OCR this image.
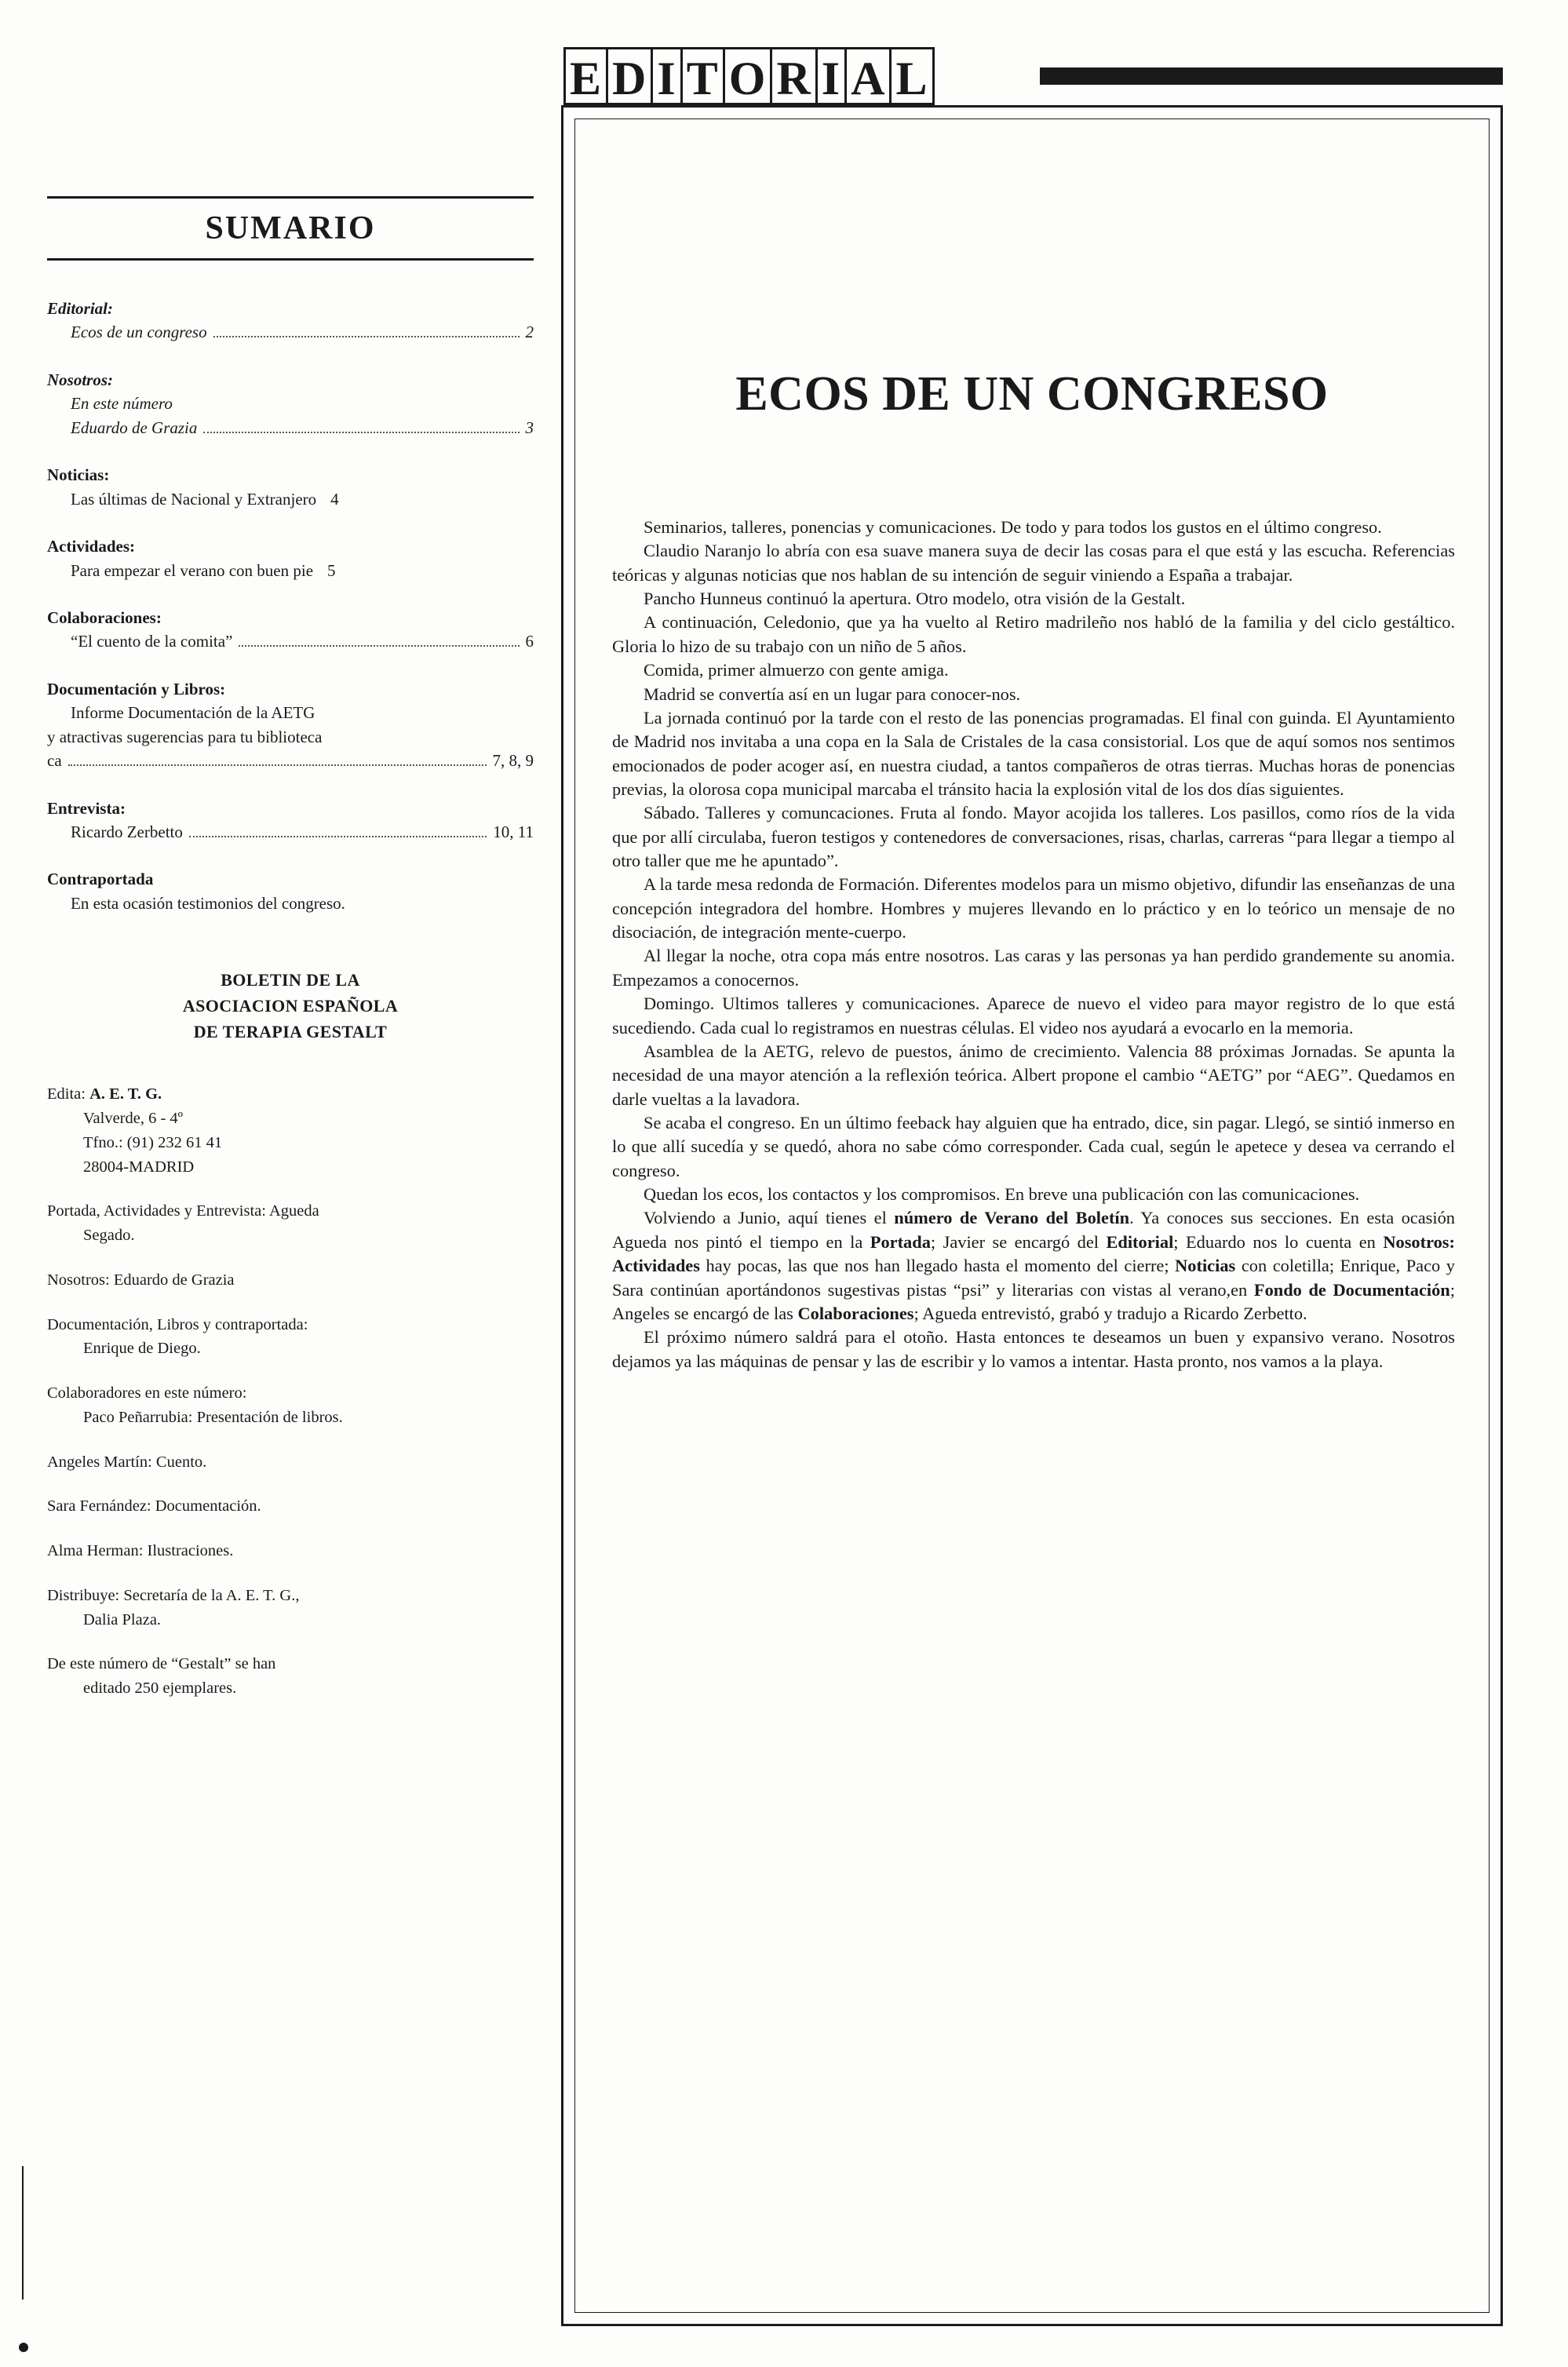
SUMARIO
Editorial:
Ecos de un congreso	2
Nosotros:
En este número
Eduardo de Grazia	3
Noticias:
Las últimas de Nacional y Extranjero 4
Actividades:
Para empezar el verano con buen pie 5
Colaboraciones:
“El cuento de la comita”	6
Documentación y Libros:
Informe Documentación de la AETG
y atractivas sugerencias para tu biblioteca
ca	7, 8, 9
Entrevista:
Ricardo Zerbetto	10, 11
Contraportada
En esta ocasión testimonios del congreso.
BOLETIN DE LA
ASOCIACION ESPAÑOLA
DE TERAPIA GESTALT

Edita: A. E. T. G.
Valverde, 6 - 4º
Tfno.: (91) 232 61 41
28004-MADRID

Portada, Actividades y Entrevista: Agueda
Segado.

Nosotros: Eduardo de Grazia

Documentación, Libros y contraportada:
Enrique de Diego.

Colaboradores en este número:
Paco Peñarrubia: Presentación de libros.

Angeles Martín: Cuento.

Sara Fernández: Documentación.

Alma Herman: Ilustraciones.

Distribuye: Secretaría de la A. E. T. G.,
Dalia Plaza.

De este número de “Gestalt” se han
editado 250 ejemplares.

E D I T O R I A L
ECOS DE UN CONGRESO

Seminarios, talleres, ponencias y comunicaciones. De todo y para todos los gustos en el último congreso.

Claudio Naranjo lo abría con esa suave manera suya de decir las cosas para el que está y las escucha. Referencias teóricas y algunas noticias que nos hablan de su intención de seguir viniendo a España a trabajar.

Pancho Hunneus continuó la apertura. Otro modelo, otra visión de la Gestalt.

A continuación, Celedonio, que ya ha vuelto al Retiro madrileño nos habló de la familia y del ciclo gestáltico. Gloria lo hizo de su trabajo con un niño de 5 años.

Comida, primer almuerzo con gente amiga.

Madrid se convertía así en un lugar para conocer-nos.

La jornada continuó por la tarde con el resto de las ponencias programadas. El final con guinda. El Ayuntamiento de Madrid nos invitaba a una copa en la Sala de Cristales de la casa consistorial. Los que de aquí somos nos sentimos emocionados de poder acoger así, en nuestra ciudad, a tantos compañeros de otras tierras. Muchas horas de ponencias previas, la olorosa copa municipal marcaba el tránsito hacia la explosión vital de los dos días siguientes.

Sábado. Talleres y comuncaciones. Fruta al fondo. Mayor acojida los talleres. Los pasillos, como ríos de la vida que por allí circulaba, fueron testigos y contenedores de conversaciones, risas, charlas, carreras “para llegar a tiempo al otro taller que me he apuntado”.

A la tarde mesa redonda de Formación. Diferentes modelos para un mismo objetivo, difundir las enseñanzas de una concepción integradora del hombre. Hombres y mujeres llevando en lo práctico y en lo teórico un mensaje de no disociación, de integración mente-cuerpo.

Al llegar la noche, otra copa más entre nosotros. Las caras y las personas ya han perdido grandemente su anomia. Empezamos a conocernos.

Domingo. Ultimos talleres y comunicaciones. Aparece de nuevo el video para mayor registro de lo que está sucediendo. Cada cual lo registramos en nuestras células. El video nos ayudará a evocarlo en la memoria.

Asamblea de la AETG, relevo de puestos, ánimo de crecimiento. Valencia 88 próximas Jornadas. Se apunta la necesidad de una mayor atención a la reflexión teórica. Albert propone el cambio “AETG” por “AEG”. Quedamos en darle vueltas a la lavadora.

Se acaba el congreso. En un último feeback hay alguien que ha entrado, dice, sin pagar. Llegó, se sintió inmerso en lo que allí sucedía y se quedó, ahora no sabe cómo corresponder. Cada cual, según le apetece y desea va cerrando el congreso.

Quedan los ecos, los contactos y los compromisos. En breve una publicación con las comunicaciones.

Volviendo a Junio, aquí tienes el número de Verano del Boletín. Ya conoces sus secciones. En esta ocasión Agueda nos pintó el tiempo en la Portada; Javier se encargó del Editorial; Eduardo nos lo cuenta en Nosotros: Actividades hay pocas, las que nos han llegado hasta el momento del cierre; Noticias con coletilla; Enrique, Paco y Sara continúan aportándonos sugestivas pistas “psi” y literarias con vistas al verano,en Fondo de Documentación; Angeles se encargó de las Colaboraciones; Agueda entrevistó, grabó y tradujo a Ricardo Zerbetto.

El próximo número saldrá para el otoño. Hasta entonces te deseamos un buen y expansivo verano. Nosotros dejamos ya las máquinas de pensar y las de escribir y lo vamos a intentar. Hasta pronto, nos vamos a la playa.
